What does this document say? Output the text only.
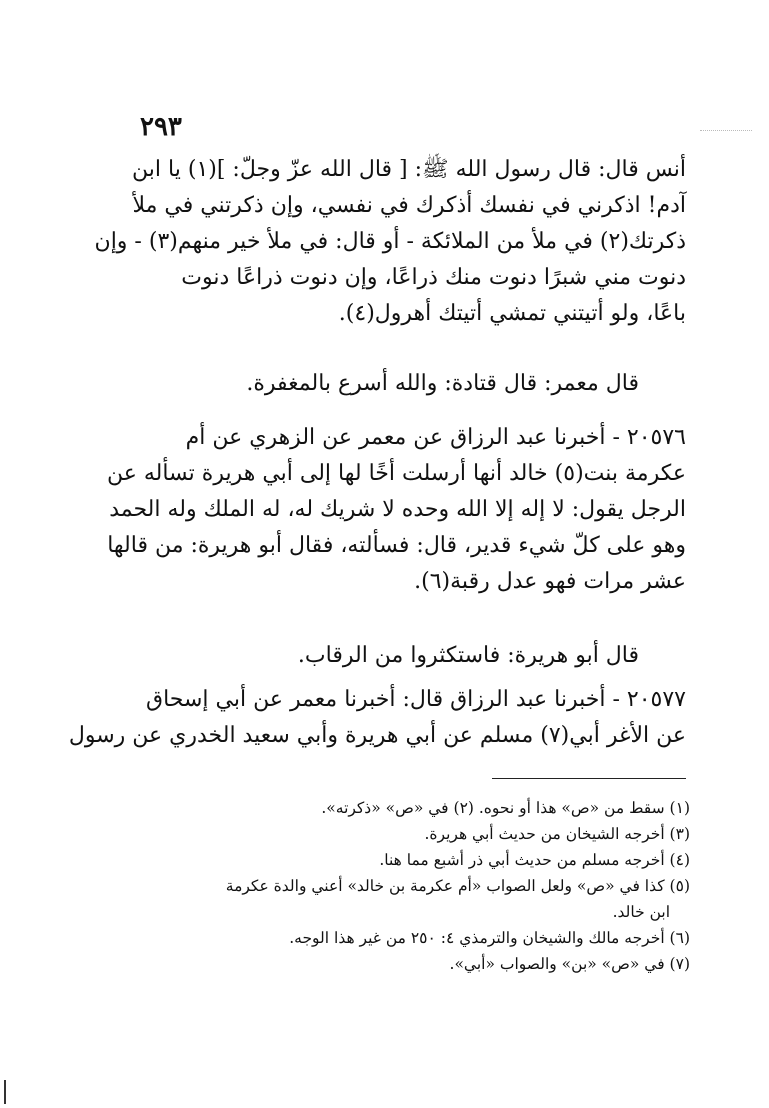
٢٩٣
أنس قال: قال رسول الله ﷺ: [ قال الله عزّ وجلّ: ](١) يا ابن
آدم! اذكرني في نفسك أذكرك في نفسي، وإن ذكرتني في ملأ
ذكرتك(٢) في ملأ من الملائكة - أو قال: في ملأ خير منهم(٣) - وإن
دنوت مني شبرًا دنوت منك ذراعًا، وإن دنوت ذراعًا دنوت
باعًا، ولو أتيتني تمشي أتيتك أهرول(٤).
قال معمر: قال قتادة: والله أسرع بالمغفرة.
٢٠٥٧٦ - أخبرنا عبد الرزاق عن معمر عن الزهري عن أم
عكرمة بنت(٥) خالد أنها أرسلت أخًا لها إلى أبي هريرة تسأله عن
الرجل يقول: لا إله إلا الله وحده لا شريك له، له الملك وله الحمد
وهو على كلّ شيء قدير، قال: فسألته، فقال أبو هريرة: من قالها
عشر مرات فهو عدل رقبة(٦).
قال أبو هريرة: فاستكثروا من الرقاب.
٢٠٥٧٧ - أخبرنا عبد الرزاق قال: أخبرنا معمر عن أبي إسحاق
عن الأغر أبي(٧) مسلم عن أبي هريرة وأبي سعيد الخدري عن رسول
(١) سقط من «ص» هذا أو نحوه. (٢) في «ص» «ذكرته».
(٣) أخرجه الشيخان من حديث أبي هريرة.
(٤) أخرجه مسلم من حديث أبي ذر أشبع مما هنا.
(٥) كذا في «ص» ولعل الصواب «أم عكرمة بن خالد» أعني والدة عكرمة
ابن خالد.
(٦) أخرجه مالك والشيخان والترمذي ٤: ٢٥٠ من غير هذا الوجه.
(٧) في «ص» «بن» والصواب «أبي».
